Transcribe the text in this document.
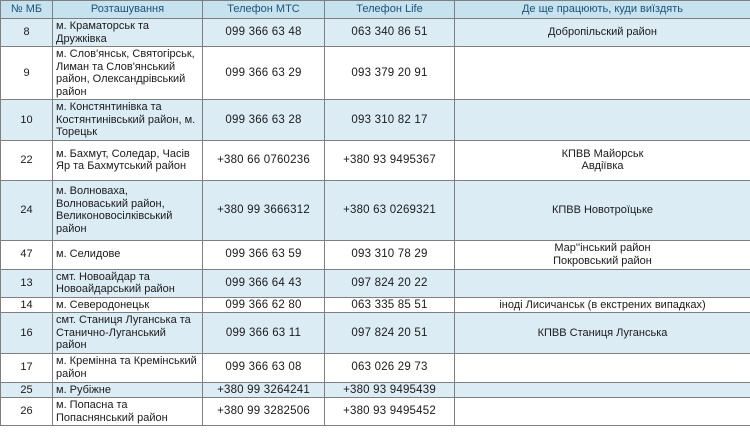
№ МБ	Розташування	Телефон МТС	Телефон Life	Де ще працюють, куди виїздять
8	м. Краматорськ та Дружківка	099 366 63 48	063 340 86 51	Добропільский район
9	м. Слов'янськ, Святогірськ, Лиман та Слов'янський район, Олександрівський район	099 366 63 29	093 379 20 91	
10	м. Констянтинівка та Костянтинівський район, м. Торецьк	099 366 63 28	093 310 82 17	
22	м. Бахмут, Соледар, Часів Яр та Бахмутський район	+380 66 0760236	+380 93 9495367	КПВВ Майорськ
Авдіївка
24	м. Волноваха, Волноваський район, Великоновосілківський район	+380 99 3666312	+380 63 0269321	КПВВ Новотроїцьке
47	м. Селидове	099 366 63 59	093 310 78 29	Мар''інський район
Покровський район
13	смт. Новоайдар та Новоайдарський район	099 366 64 43	097 824 20 22	
14	м. Северодонецьк	099 366 62 80	063 335 85 51	іноді Лисичанськ (в екстрених випадках)
16	смт. Станиця Луганська та Станично-Луганський район	099 366 63 11	097 824 20 51	КПВВ Станиця Луганська
17	м. Кремінна та Кремінський район	099 366 63 08	063 026 29 73	
25	м. Рубіжне	+380 99 3264241	+380 93 9495439	
26	м. Попасна та Попаснянський район	+380 99 3282506	+380 93 9495452	
